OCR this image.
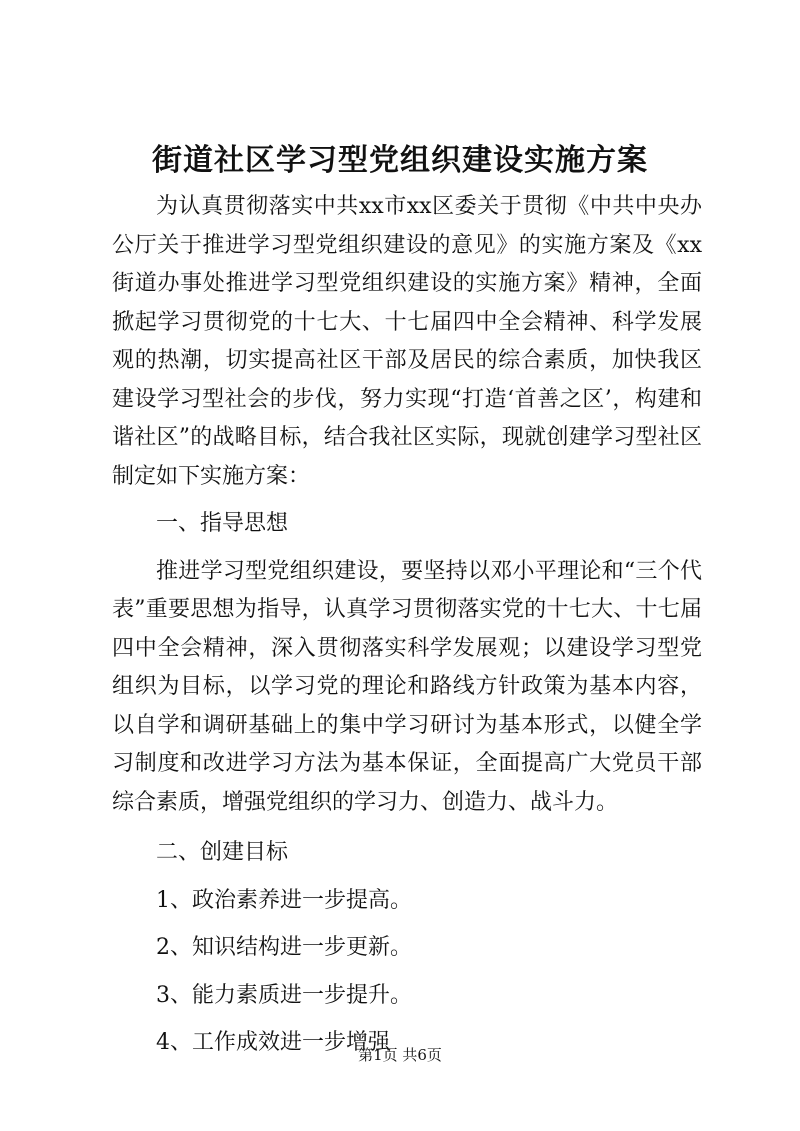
街道社区学习型党组织建设实施方案

为认真贯彻落实中共xx市xx区委关于贯彻《中共中央办公厅关于推进学习型党组织建设的意见》的实施方案及《xx街道办事处推进学习型党组织建设的实施方案》精神，全面掀起学习贯彻党的十七大、十七届四中全会精神、科学发展观的热潮，切实提高社区干部及居民的综合素质，加快我区建设学习型社会的步伐，努力实现“打造‘首善之区’，构建和谐社区”的战略目标，结合我社区实际，现就创建学习型社区制定如下实施方案：

一、指导思想

推进学习型党组织建设，要坚持以邓小平理论和“三个代表”重要思想为指导，认真学习贯彻落实党的十七大、十七届四中全会精神，深入贯彻落实科学发展观；以建设学习型党组织为目标，以学习党的理论和路线方针政策为基本内容，以自学和调研基础上的集中学习研讨为基本形式，以健全学习制度和改进学习方法为基本保证，全面提高广大党员干部综合素质，增强党组织的学习力、创造力、战斗力。

二、创建目标

1、政治素养进一步提高。

2、知识结构进一步更新。

3、能力素质进一步提升。

4、工作成效进一步增强

第1页 共6页
